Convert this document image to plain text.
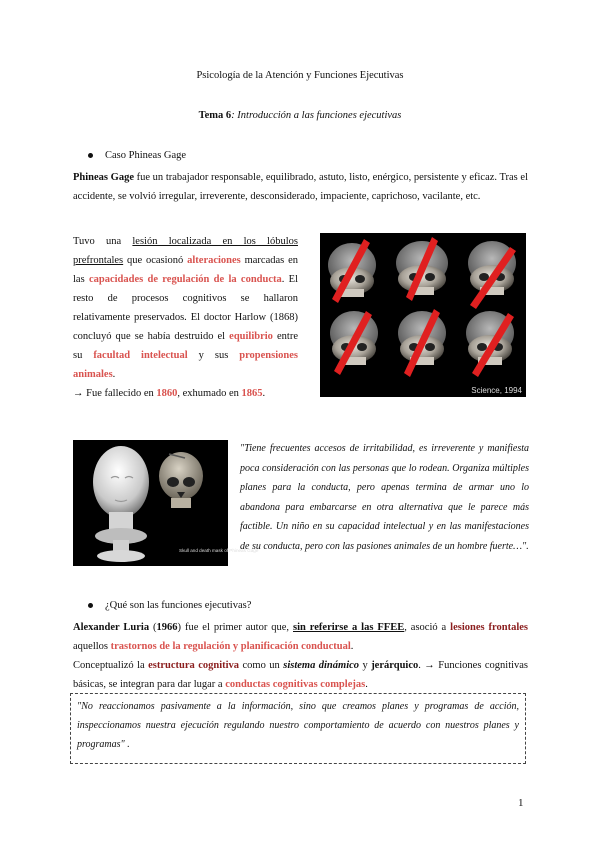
Psicología de la Atención y Funciones Ejecutivas
Tema 6: Introducción a las funciones ejecutivas
Caso Phineas Gage
Phineas Gage fue un trabajador responsable, equilibrado, astuto, listo, enérgico, persistente y eficaz. Tras el accidente, se volvió irregular, irreverente, desconsiderado, impaciente, caprichoso, vacilante, etc.
Tuvo una lesión localizada en los lóbulos prefrontales que ocasionó alteraciones marcadas en las capacidades de regulación de la conducta. El resto de procesos cognitivos se hallaron relativamente preservados. El doctor Harlow (1868) concluyó que se había destruido el equilibrio entre su facultad intelectual y sus propensiones animales.
→ Fue fallecido en 1860, exhumado en 1865.	Science, 1994
Skull and death mask of Phineas Gage
"Tiene frecuentes accesos de irritabilidad, es irreverente y manifiesta poca consideración con las personas que lo rodean. Organiza múltiples planes para la conducta, pero apenas termina de armar uno lo abandona para embarcarse en otra alternativa que le parece más factible. Un niño en su capacidad intelectual y en las manifestaciones de su conducta, pero con las pasiones animales de un hombre fuerte…".
¿Qué son las funciones ejecutivas?
Alexander Luria (1966) fue el primer autor que, sin referirse a las FFEE, asoció a lesiones frontales aquellos trastornos de la regulación y planificación conductual.
Conceptualizó la estructura cognitiva como un sistema dinámico y jerárquico. → Funciones cognitivas básicas, se integran para dar lugar a conductas cognitivas complejas.
"No reaccionamos pasivamente a la información, sino que creamos planes y programas de acción, inspeccionamos nuestra ejecución regulando nuestro comportamiento de acuerdo con nuestros planes y programas" .
1
